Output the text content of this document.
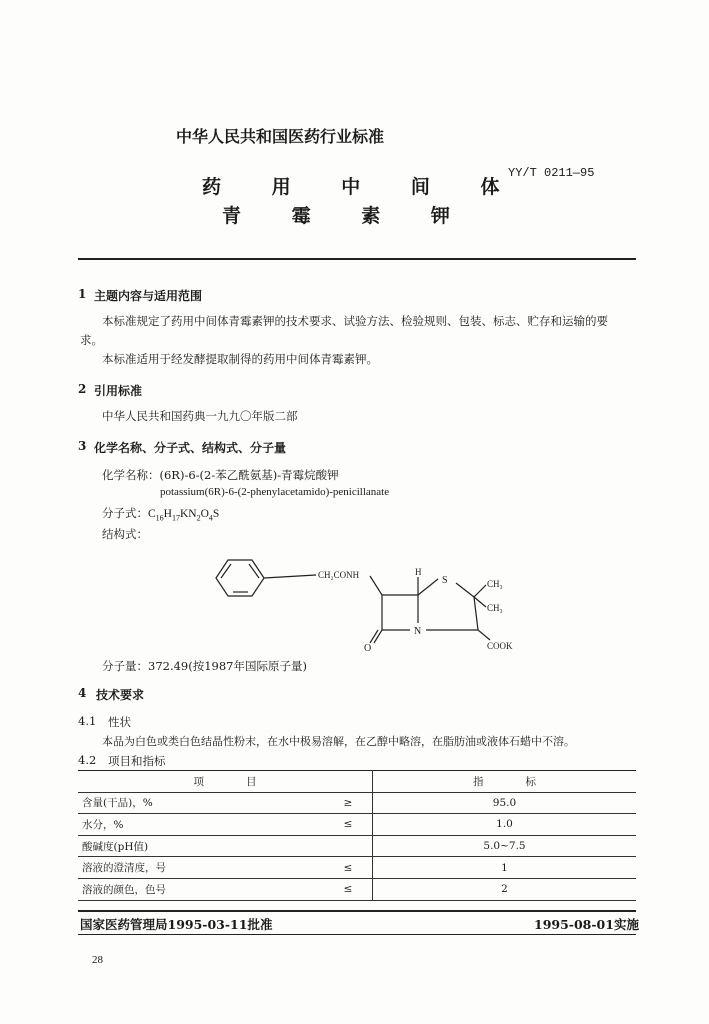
中华人民共和国医药行业标准
YY/T 0211—95
药 用 中 间 体
青 霉 素 钾
1 主题内容与适用范围
本标准规定了药用中间体青霉素钾的技术要求、试验方法、检验规则、包装、标志、贮存和运输的要
求。
本标准适用于经发酵提取制得的药用中间体青霉素钾。
2 引用标准
中华人民共和国药典一九九〇年版二部
3 化学名称、分子式、结构式、分子量
化学名称：(6R)-6-(2-苯乙酰氨基)-青霉烷酸钾
potassium(6R)-6-(2-phenylacetamido)-penicillanate
分子式：$C_{16}H_{17}KN_2O_4S$
结构式：
CH₂CONH	H
S	CH₃
CH₃
N
O	COOK
分子量：372.49(按1987年国际原子量)
4 技术要求
4.1 性状
本品为白色或类白色结晶性粉末，在水中极易溶解，在乙醇中略溶，在脂肪油或液体石蜡中不溶。
4.2 项目和指标
项　　　　目		指　　　　标
含量(干品)，%	≥	95.0
水分，%	≤	1.0
酸碱度(pH值)		5.0~7.5
溶液的澄清度，号	≤	1
溶液的颜色，色号	≤	2
国家医药管理局1995-03-11批准	1995-08-01实施
28
